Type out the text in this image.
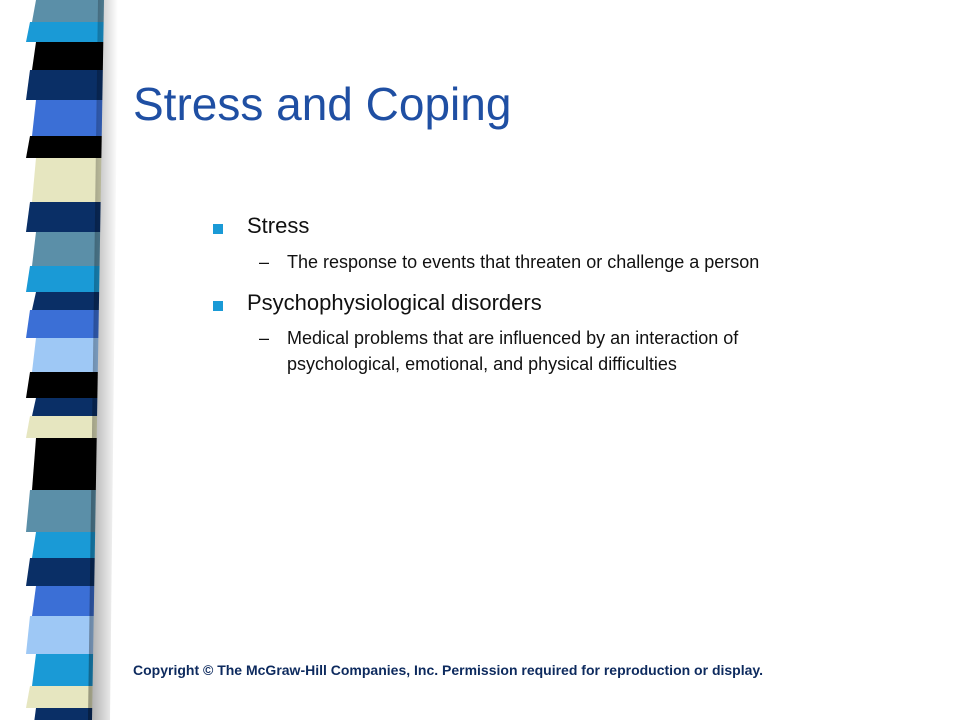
Stress and Coping
Stress
– The response to events that threaten or challenge a person
Psychophysiological disorders
– Medical problems that are influenced by an interaction of psychological, emotional, and physical difficulties
Copyright © The McGraw-Hill Companies, Inc. Permission required for reproduction or display.
